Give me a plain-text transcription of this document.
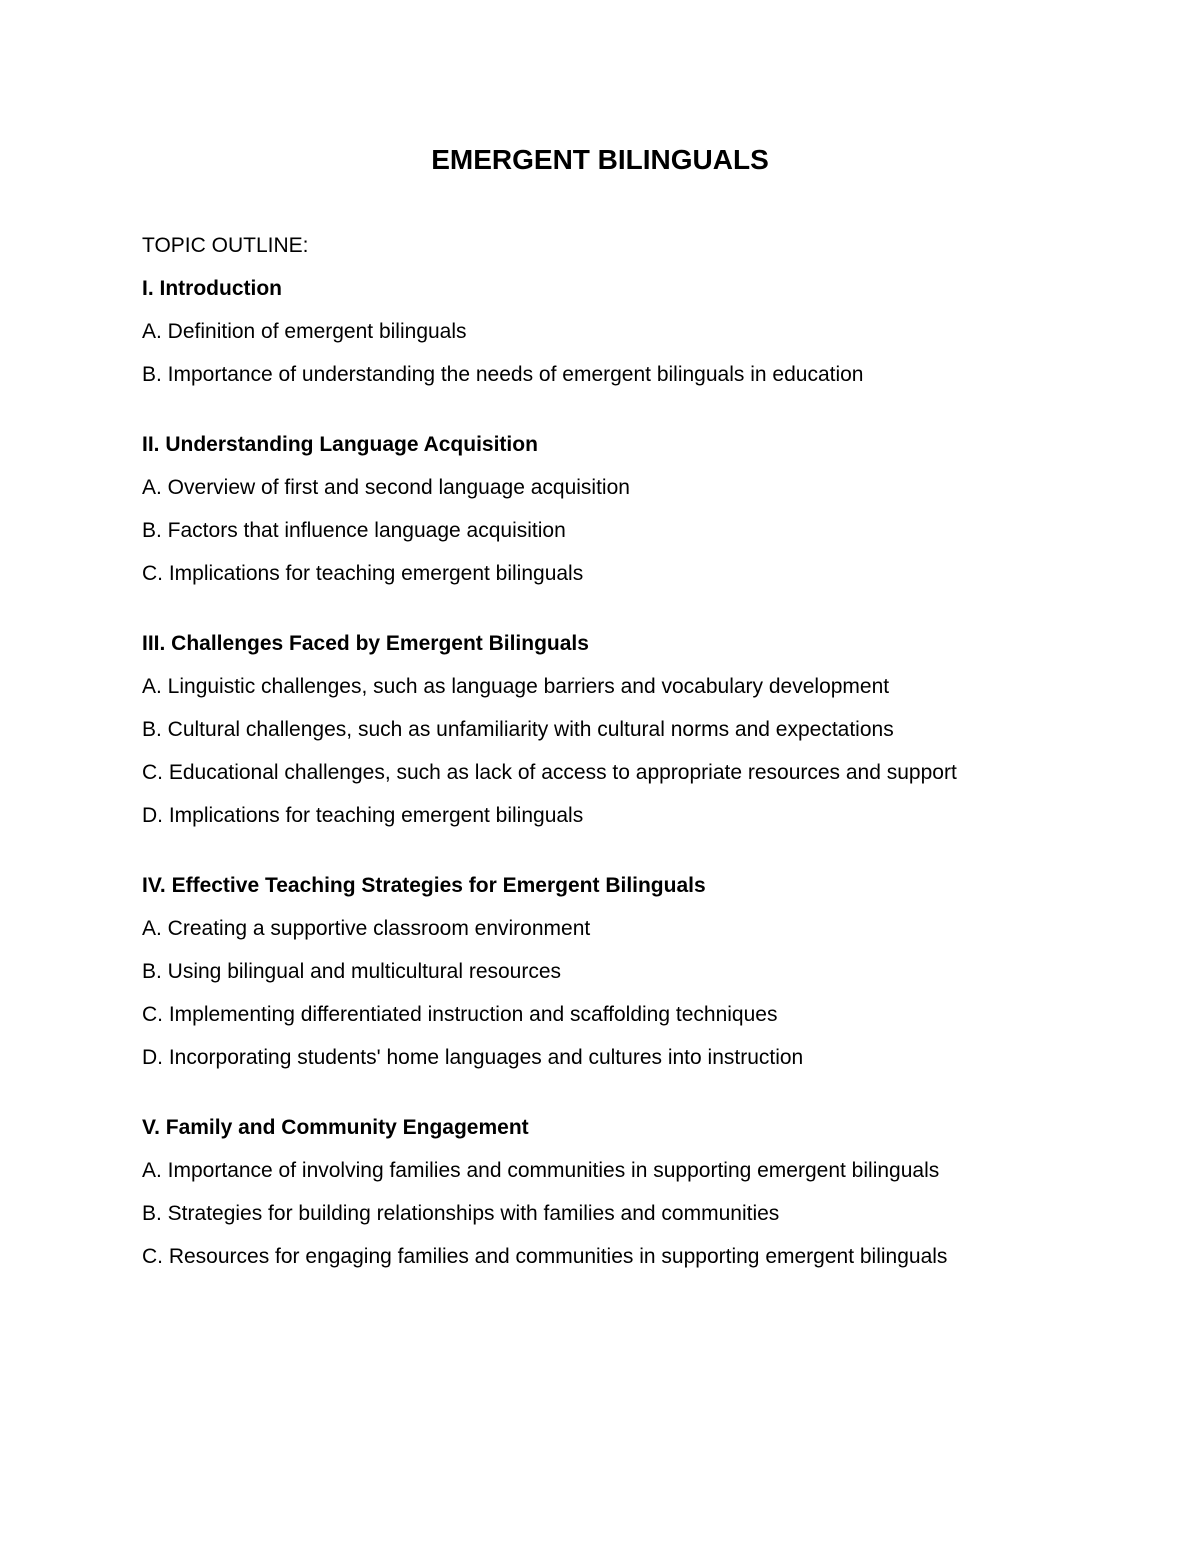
EMERGENT BILINGUALS
TOPIC OUTLINE:
I. Introduction
A. Definition of emergent bilinguals
B. Importance of understanding the needs of emergent bilinguals in education
II. Understanding Language Acquisition
A. Overview of first and second language acquisition
B. Factors that influence language acquisition
C. Implications for teaching emergent bilinguals
III. Challenges Faced by Emergent Bilinguals
A. Linguistic challenges, such as language barriers and vocabulary development
B. Cultural challenges, such as unfamiliarity with cultural norms and expectations
C. Educational challenges, such as lack of access to appropriate resources and support
D. Implications for teaching emergent bilinguals
IV. Effective Teaching Strategies for Emergent Bilinguals
A. Creating a supportive classroom environment
B. Using bilingual and multicultural resources
C. Implementing differentiated instruction and scaffolding techniques
D. Incorporating students' home languages and cultures into instruction
V. Family and Community Engagement
A. Importance of involving families and communities in supporting emergent bilinguals
B. Strategies for building relationships with families and communities
C. Resources for engaging families and communities in supporting emergent bilinguals
